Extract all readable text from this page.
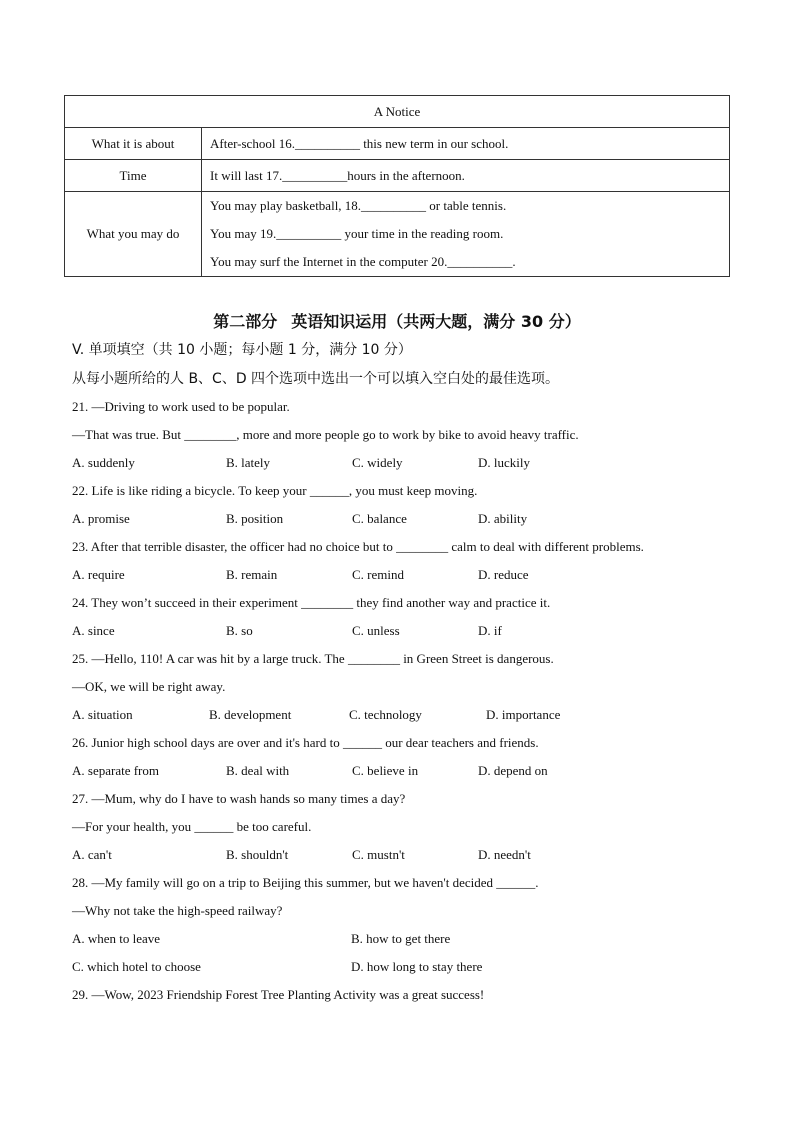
A Notice	
What it is about	After-school 16.__________ this new term in our school.

Time	It will last 17.__________hours in the afternoon.

What you may do	You may play basketball, 18.__________ or table tennis.
You may 19.__________ your time in the reading room.
You may surf the Internet in the computer 20.__________.
第二部分 英语知识运用（共两大题，满分 30 分）
V. 单项填空（共 10 小题；每小题 1 分，满分 10 分）
从每小题所给的人 B、C、D 四个选项中选出一个可以填入空白处的最佳选项。
21. —Driving to work used to be popular.
—That was true. But ________, more and more people go to work by bike to avoid heavy traffic.
A. suddenly	B. lately	C. widely	D. luckily
22. Life is like riding a bicycle. To keep your ______, you must keep moving.
A. promise	B. position	C. balance	D. ability
23. After that terrible disaster, the officer had no choice but to ________ calm to deal with different problems.
A. require	B. remain	C. remind	D. reduce
24. They won’t succeed in their experiment ________ they find another way and practice it.
A. since	B. so	C. unless	D. if
25. —Hello, 110! A car was hit by a large truck. The ________ in Green Street is dangerous.
—OK, we will be right away.
A. situation	B. development	C. technology	D. importance
26. Junior high school days are over and it's hard to ______ our dear teachers and friends.
A. separate from	B. deal with	C. believe in	D. depend on
27. —Mum, why do I have to wash hands so many times a day?
—For your health, you ______ be too careful.
A. can't	B. shouldn't	C. mustn't	D. needn't
28. —My family will go on a trip to Beijing this summer, but we haven't decided ______.
—Why not take the high-speed railway?
A. when to leave	B. how to get there
C. which hotel to choose	D. how long to stay there
29. —Wow, 2023 Friendship Forest Tree Planting Activity was a great success!
